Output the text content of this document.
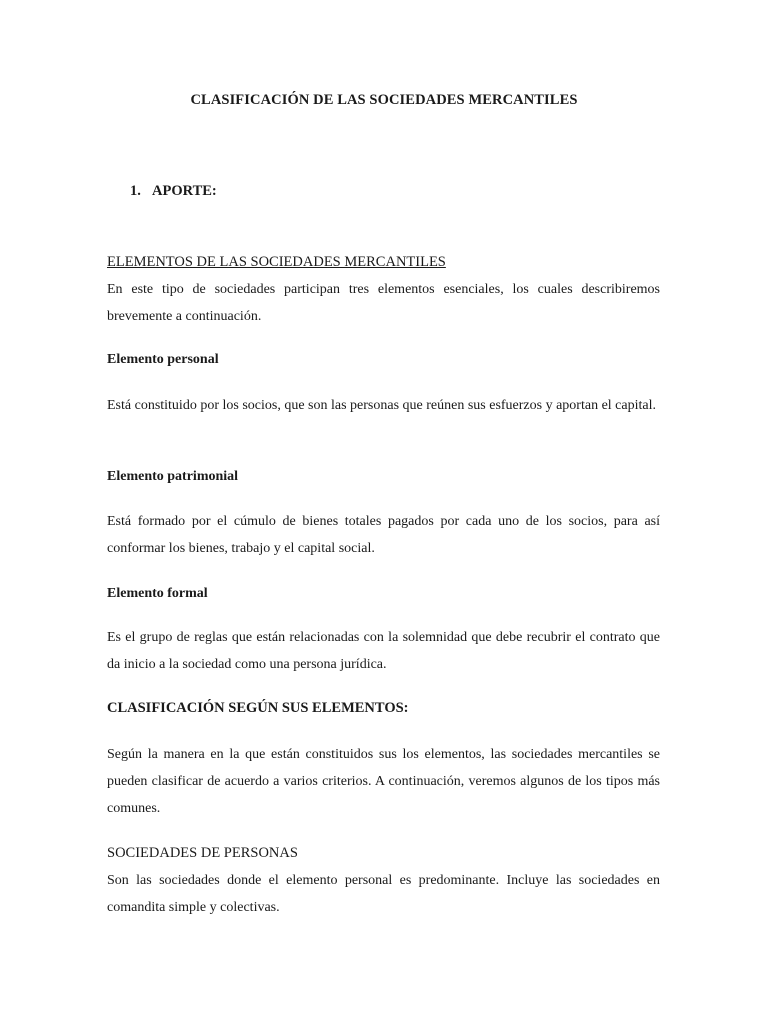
CLASIFICACIÓN DE LAS SOCIEDADES MERCANTILES
1. APORTE:

ELEMENTOS DE LAS SOCIEDADES MERCANTILES

En este tipo de sociedades participan tres elementos esenciales, los cuales describiremos brevemente a continuación.

Elemento personal

Está constituido por los socios, que son las personas que reúnen sus esfuerzos y aportan el capital.

Elemento patrimonial

Está formado por el cúmulo de bienes totales pagados por cada uno de los socios, para así conformar los bienes, trabajo y el capital social.

Elemento formal

Es el grupo de reglas que están relacionadas con la solemnidad que debe recubrir el contrato que da inicio a la sociedad como una persona jurídica.

CLASIFICACIÓN SEGÚN SUS ELEMENTOS:

Según la manera en la que están constituidos sus los elementos, las sociedades mercantiles se pueden clasificar de acuerdo a varios criterios. A continuación, veremos algunos de los tipos más comunes.

SOCIEDADES DE PERSONAS

Son las sociedades donde el elemento personal es predominante. Incluye las sociedades en comandita simple y colectivas.
